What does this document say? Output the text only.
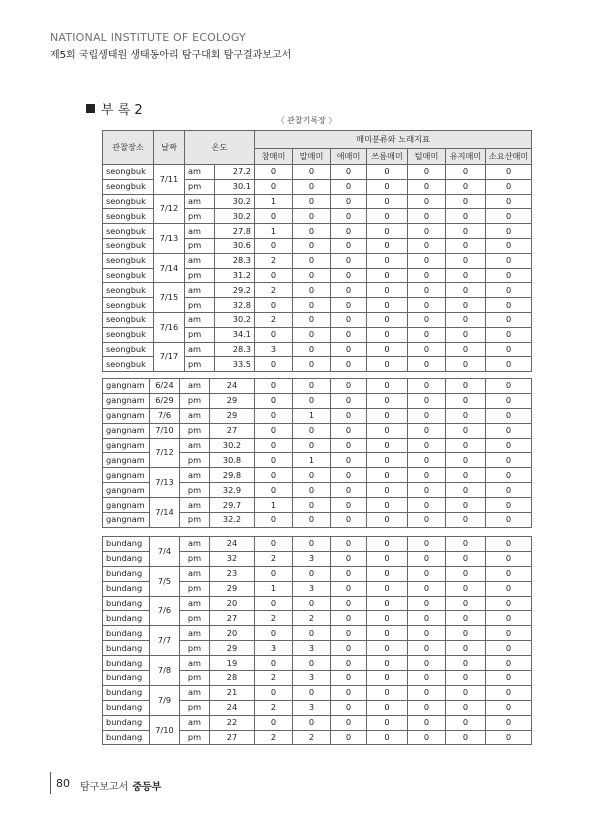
NATIONAL INSTITUTE OF ECOLOGY
제5회 국립생태원 생태동아리 탐구대회 탐구결과보고서
부 록 2
〈 관찰기록장 〉
관찰장소	날짜	온도		매미분류와 노래지표						
				참매미	말매미	애매미	쓰름매미	털매미	유지매미	소요산매미
seongbuk	7/11	am	27.2	0	0	0	0	0	0	0
seongbuk		pm	30.1	0	0	0	0	0	0	0
seongbuk	7/12	am	30.2	1	0	0	0	0	0	0
seongbuk		pm	30.2	0	0	0	0	0	0	0
seongbuk	7/13	am	27.8	1	0	0	0	0	0	0
seongbuk		pm	30.6	0	0	0	0	0	0	0
seongbuk	7/14	am	28.3	2	0	0	0	0	0	0
seongbuk		pm	31.2	0	0	0	0	0	0	0
seongbuk	7/15	am	29.2	2	0	0	0	0	0	0
seongbuk		pm	32.8	0	0	0	0	0	0	0
seongbuk	7/16	am	30.2	2	0	0	0	0	0	0
seongbuk		pm	34.1	0	0	0	0	0	0	0
seongbuk	7/17	am	28.3	3	0	0	0	0	0	0
seongbuk		pm	33.5	0	0	0	0	0	0	0
gangnam	6/24	am	24	0	0	0	0	0	0	0
gangnam	6/29	pm	29	0	0	0	0	0	0	0
gangnam	7/6	am	29	0	1	0	0	0	0	0
gangnam	7/10	pm	27	0	0	0	0	0	0	0
gangnam	7/12	am	30.2	0	0	0	0	0	0	0
gangnam		pm	30.8	0	1	0	0	0	0	0
gangnam	7/13	am	29.8	0	0	0	0	0	0	0
gangnam		pm	32.9	0	0	0	0	0	0	0
gangnam	7/14	am	29.7	1	0	0	0	0	0	0
gangnam		pm	32.2	0	0	0	0	0	0	0
bundang	7/4	am	24	0	0	0	0	0	0	0
bundang		pm	32	2	3	0	0	0	0	0
bundang	7/5	am	23	0	0	0	0	0	0	0
bundang		pm	29	1	3	0	0	0	0	0
bundang	7/6	am	20	0	0	0	0	0	0	0
bundang		pm	27	2	2	0	0	0	0	0
bundang	7/7	am	20	0	0	0	0	0	0	0
bundang		pm	29	3	3	0	0	0	0	0
bundang	7/8	am	19	0	0	0	0	0	0	0
bundang		pm	28	2	3	0	0	0	0	0
bundang	7/9	am	21	0	0	0	0	0	0	0
bundang		pm	24	2	3	0	0	0	0	0
bundang	7/10	am	22	0	0	0	0	0	0	0
bundang		pm	27	2	2	0	0	0	0	0
80 탐구보고서 중등부
